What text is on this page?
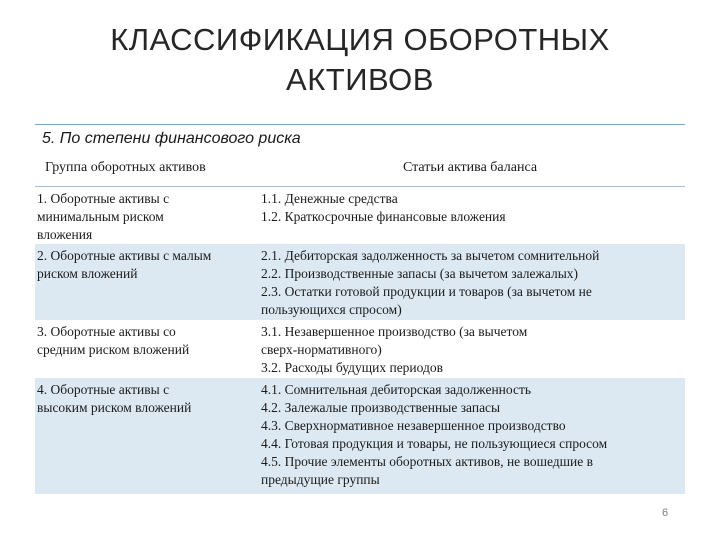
КЛАССИФИКАЦИЯ ОБОРОТНЫХ
АКТИВОВ
5. По степени финансового риска
Группа оборотных активов	Статьи актива баланса
1. Оборотные активы с
минимальным риском
вложения
1.1. Денежные средства
1.2. Краткосрочные финансовые вложения
2. Оборотные активы с малым
риском вложений
2.1. Дебиторская задолженность за вычетом сомнительной
2.2. Производственные запасы (за вычетом залежалых)
2.3. Остатки готовой продукции и товаров (за вычетом не
пользующихся спросом)
3. Оборотные активы со
средним риском вложений
3.1. Незавершенное производство (за вычетом
сверх-нормативного)
3.2. Расходы будущих периодов
4. Оборотные активы с
высоким риском вложений
4.1. Сомнительная дебиторская задолженность
4.2. Залежалые производственные запасы
4.3. Сверхнормативное незавершенное производство
4.4. Готовая продукция и товары, не пользующиеся спросом
4.5. Прочие элементы оборотных активов, не вошедшие в
предыдущие группы
6
